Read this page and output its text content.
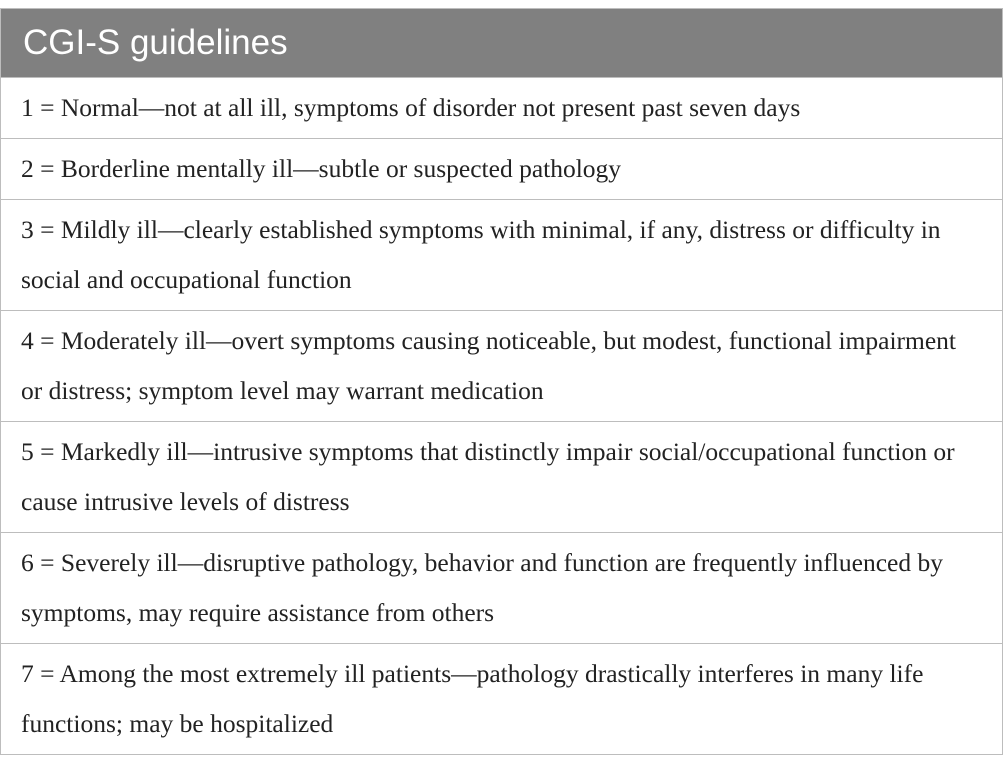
CGI-S guidelines
1 = Normal—not at all ill, symptoms of disorder not present past seven days
2 = Borderline mentally ill—subtle or suspected pathology
3 = Mildly ill—clearly established symptoms with minimal, if any, distress or difficulty in social and occupational function
4 = Moderately ill—overt symptoms causing noticeable, but modest, functional impairment or distress; symptom level may warrant medication
5 = Markedly ill—intrusive symptoms that distinctly impair social/occupational function or cause intrusive levels of distress
6 = Severely ill—disruptive pathology, behavior and function are frequently influenced by symptoms, may require assistance from others
7 = Among the most extremely ill patients—pathology drastically interferes in many life functions; may be hospitalized
